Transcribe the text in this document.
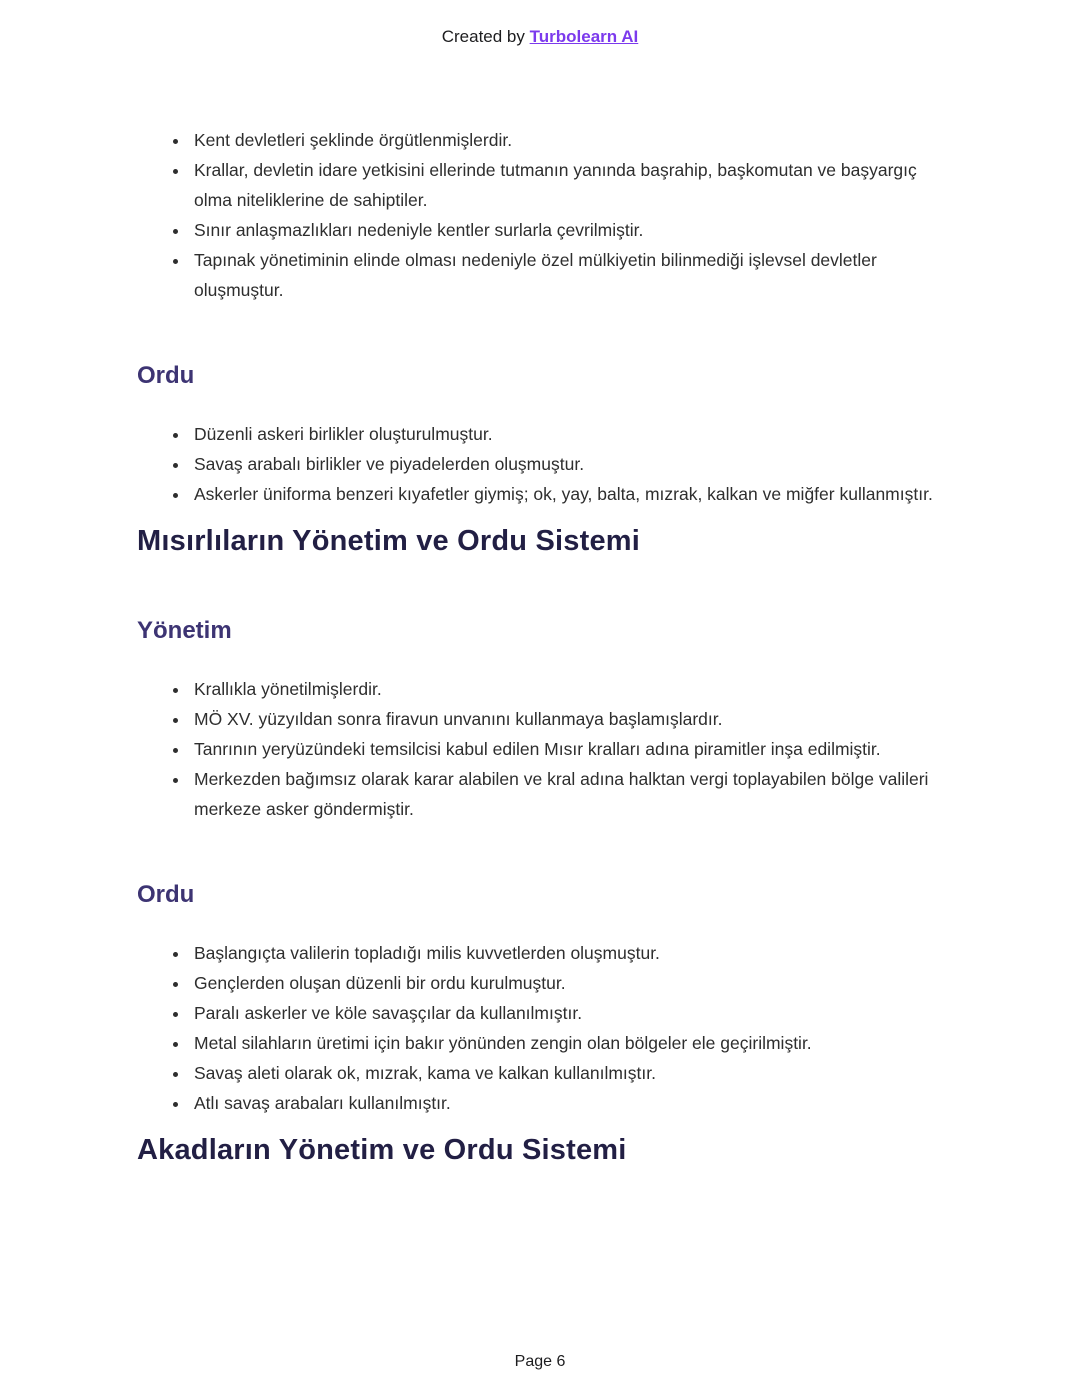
Created by Turbolearn AI
• Kent devletleri şeklinde örgütlenmişlerdir.
• Krallar, devletin idare yetkisini ellerinde tutmanın yanında başrahip, başkomutan ve başyargıç olma niteliklerine de sahiptiler.
• Sınır anlaşmazlıkları nedeniyle kentler surlarla çevrilmiştir.
• Tapınak yönetiminin elinde olması nedeniyle özel mülkiyetin bilinmediği işlevsel devletler oluşmuştur.
Ordu
• Düzenli askeri birlikler oluşturulmuştur.
• Savaş arabalı birlikler ve piyadelerden oluşmuştur.
• Askerler üniforma benzeri kıyafetler giymiş; ok, yay, balta, mızrak, kalkan ve miğfer kullanmıştır.
Mısırlıların Yönetim ve Ordu Sistemi
Yönetim
• Krallıkla yönetilmişlerdir.
• MÖ XV. yüzyıldan sonra firavun unvanını kullanmaya başlamışlardır.
• Tanrının yeryüzündeki temsilcisi kabul edilen Mısır kralları adına piramitler inşa edilmiştir.
• Merkezden bağımsız olarak karar alabilen ve kral adına halktan vergi toplayabilen bölge valileri merkeze asker göndermiştir.
Ordu
• Başlangıçta valilerin topladığı milis kuvvetlerden oluşmuştur.
• Gençlerden oluşan düzenli bir ordu kurulmuştur.
• Paralı askerler ve köle savaşçılar da kullanılmıştır.
• Metal silahların üretimi için bakır yönünden zengin olan bölgeler ele geçirilmiştir.
• Savaş aleti olarak ok, mızrak, kama ve kalkan kullanılmıştır.
• Atlı savaş arabaları kullanılmıştır.
Akadların Yönetim ve Ordu Sistemi
Page 6
